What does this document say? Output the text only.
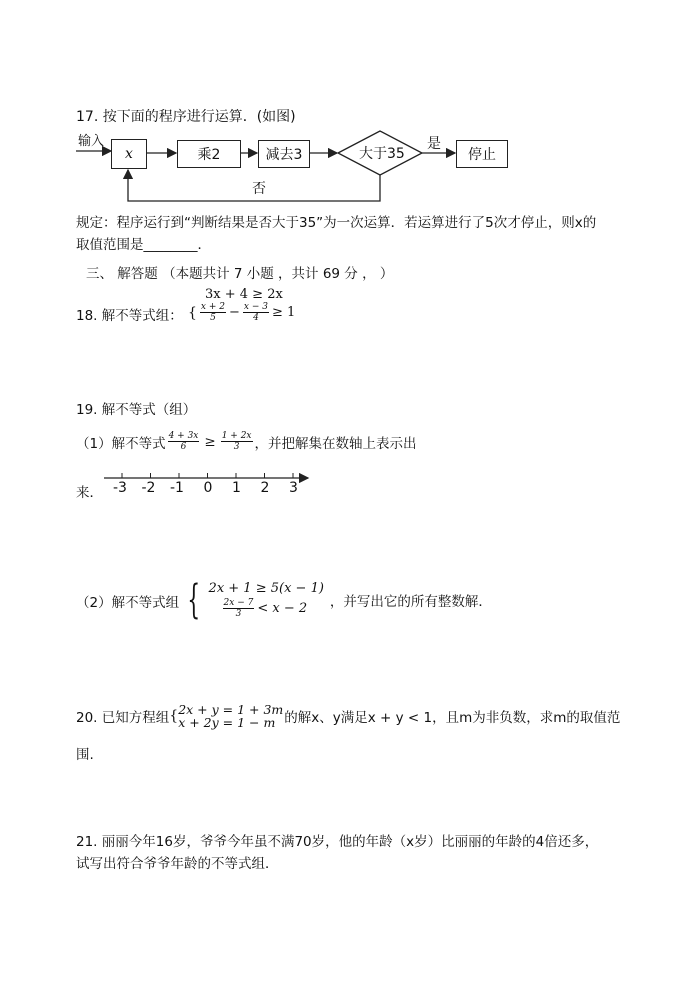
17. 按下面的程序进行运算．(如图)
输入
x	乘2	减去3	大于35
是
停止
否
规定：程序运行到“判断结果是否大于35”为一次运算．若运算进行了5次才停止，则x的
取值范围是________．
三、 解答题 （本题共计 7 小题 ，共计 69 分 ， ）
3x + 4 ≥ 2x
18. 解不等式组： { $\frac{x + 2}{5} - \frac{x - 3}{4} \ge 1$
19. 解不等式（组）
（1）解不等式 $\frac{4 + 3x}{6} \ge \frac{1 + 2x}{3}$ ，并把解集在数轴上表示出
来． -3 -2 -1 0 1 2 3
（2）解不等式组 { 2x + 1 ≥ 5(x − 1)
$\frac{2x - 7}{3} < x - 2$ ，并写出它的所有整数解．
20. 已知方程组 { 2x + y = 1 + 3m
x + 2y = 1 − m 的解x、y满足x + y < 1，且m为非负数，求m的取值范
围.
21. 丽丽今年16岁，爷爷今年虽不满70岁，他的年龄（x岁）比丽丽的年龄的4倍还多，
试写出符合爷爷年龄的不等式组．
